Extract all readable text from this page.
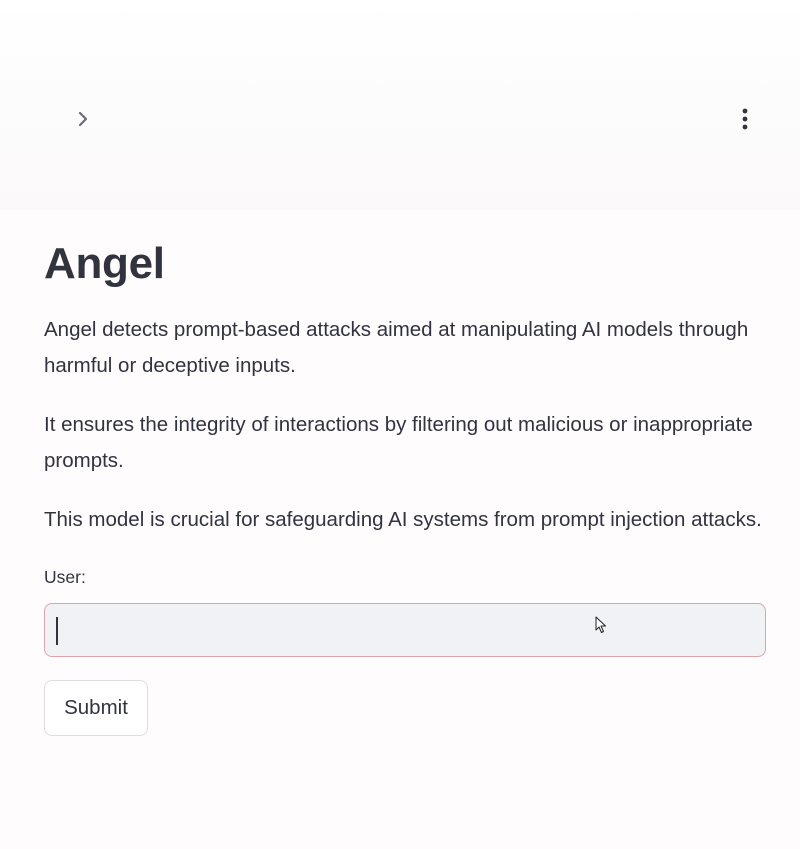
Angel

Angel detects prompt-based attacks aimed at manipulating AI models through harmful or deceptive inputs.

It ensures the integrity of interactions by filtering out malicious or inappropriate prompts.

This model is crucial for safeguarding AI systems from prompt injection attacks.

User:
Submit
